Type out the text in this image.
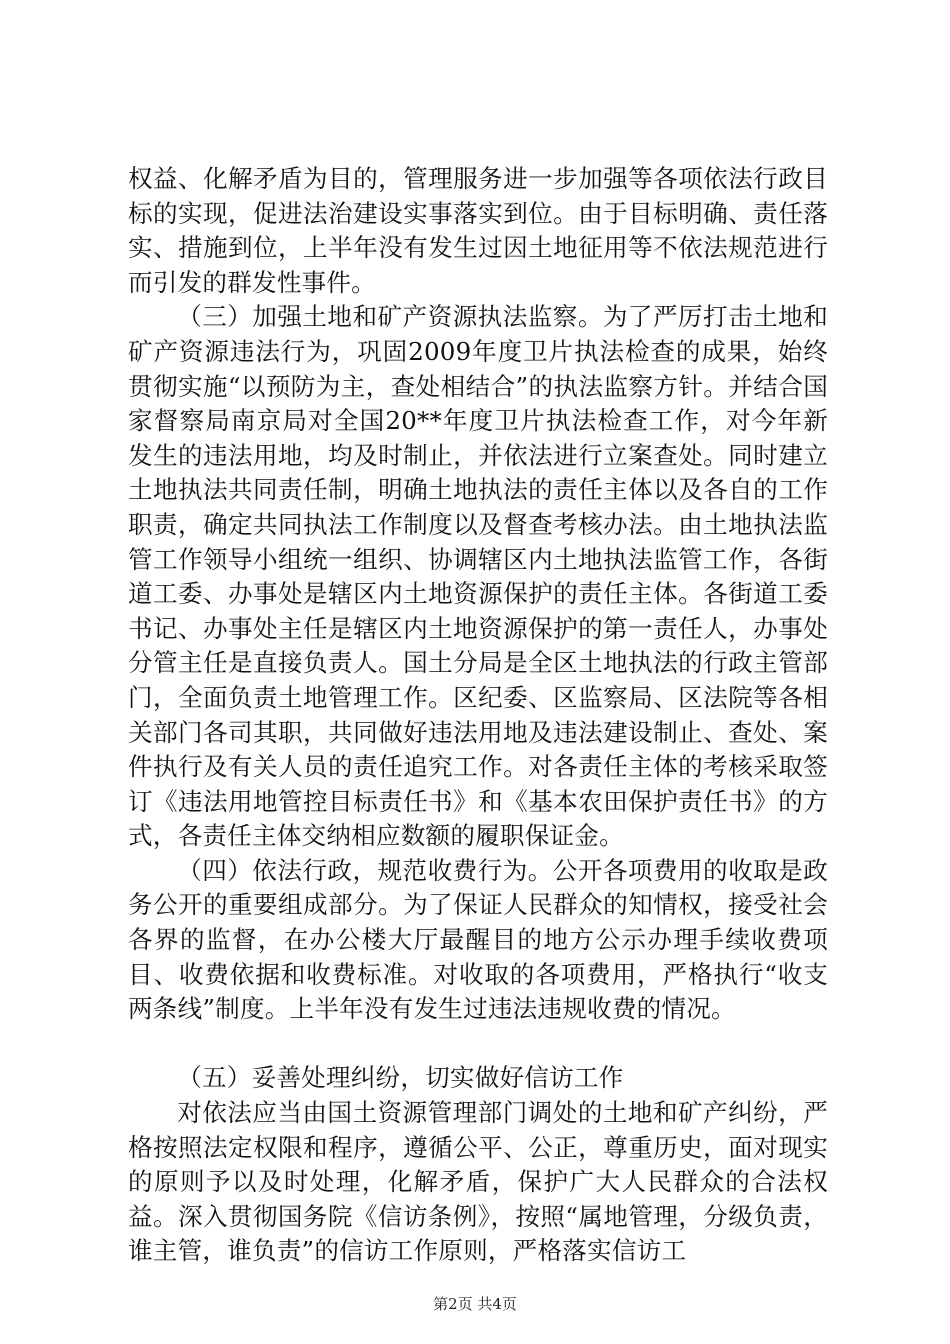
权益、化解矛盾为目的，管理服务进一步加强等各项依法行政目标的实现，促进法治建设实事落实到位。由于目标明确、责任落实、措施到位，上半年没有发生过因土地征用等不依法规范进行而引发的群发性事件。

（三）加强土地和矿产资源执法监察。为了严厉打击土地和矿产资源违法行为，巩固2009年度卫片执法检查的成果，始终贯彻实施“以预防为主，查处相结合”的执法监察方针。并结合国家督察局南京局对全国20**年度卫片执法检查工作，对今年新发生的违法用地，均及时制止，并依法进行立案查处。同时建立土地执法共同责任制，明确土地执法的责任主体以及各自的工作职责，确定共同执法工作制度以及督查考核办法。由土地执法监管工作领导小组统一组织、协调辖区内土地执法监管工作，各街道工委、办事处是辖区内土地资源保护的责任主体。各街道工委书记、办事处主任是辖区内土地资源保护的第一责任人，办事处分管主任是直接负责人。国土分局是全区土地执法的行政主管部门，全面负责土地管理工作。区纪委、区监察局、区法院等各相关部门各司其职，共同做好违法用地及违法建设制止、查处、案件执行及有关人员的责任追究工作。对各责任主体的考核采取签订《违法用地管控目标责任书》和《基本农田保护责任书》的方式，各责任主体交纳相应数额的履职保证金。

（四）依法行政，规范收费行为。公开各项费用的收取是政务公开的重要组成部分。为了保证人民群众的知情权，接受社会各界的监督，在办公楼大厅最醒目的地方公示办理手续收费项目、收费依据和收费标准。对收取的各项费用，严格执行“收支两条线”制度。上半年没有发生过违法违规收费的情况。

（五）妥善处理纠纷，切实做好信访工作

对依法应当由国土资源管理部门调处的土地和矿产纠纷，严格按照法定权限和程序，遵循公平、公正，尊重历史，面对现实的原则予以及时处理，化解矛盾，保护广大人民群众的合法权益。深入贯彻国务院《信访条例》，按照“属地管理，分级负责，谁主管，谁负责”的信访工作原则，严格落实信访工

第2页 共4页
